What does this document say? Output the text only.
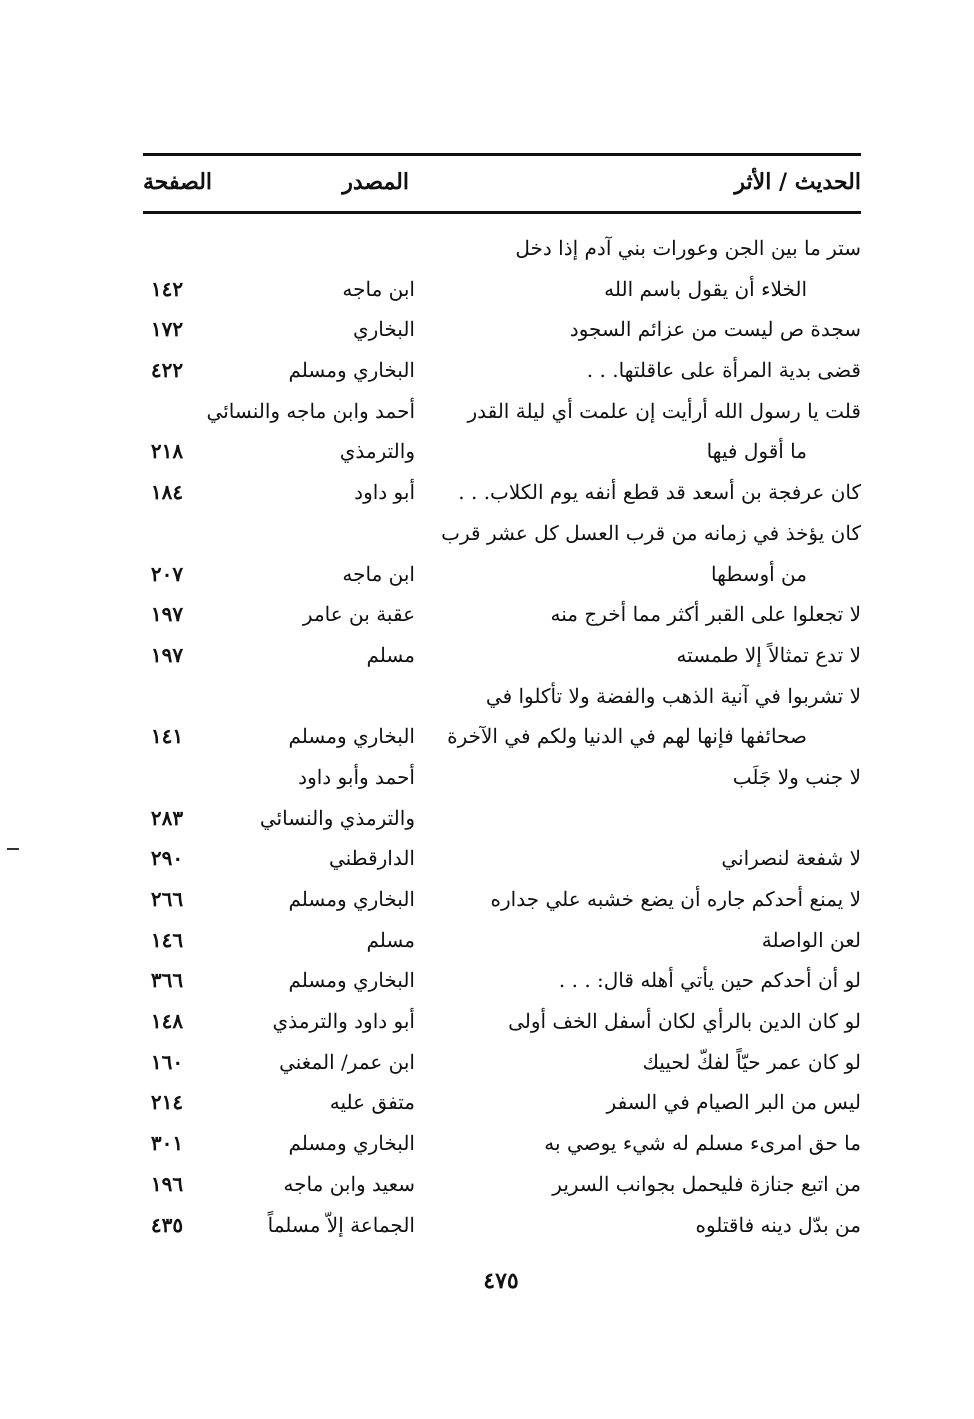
الحديث / الأثر
المصدر
الصفحة
ستر ما بين الجن وعورات بني آدم إذا دخل
الخلاء أن يقول باسم الله
ابن ماجه
١٤٢
سجدة ص ليست من عزائم السجود
البخاري
١٧٢
قضى بدية المرأة على عاقلتها. . .
البخاري ومسلم
٤٢٢
قلت يا رسول الله أرأيت إن علمت أي ليلة القدر
أحمد وابن ماجه والنسائي
ما أقول فيها
والترمذي
٢١٨
كان عرفجة بن أسعد قد قطع أنفه يوم الكلاب. . .
أبو داود
١٨٤
كان يؤخذ في زمانه من قرب العسل كل عشر قرب
من أوسطها
ابن ماجه
٢٠٧
لا تجعلوا على القبر أكثر مما أخرج منه
عقبة بن عامر
١٩٧
لا تدع تمثالاً إلا طمسته
مسلم
١٩٧
لا تشربوا في آنية الذهب والفضة ولا تأكلوا في
صحائفها فإنها لهم في الدنيا ولكم في الآخرة
البخاري ومسلم
١٤١
لا جنب ولا جَلَب
أحمد وأبو داود
والترمذي والنسائي
٢٨٣
لا شفعة لنصراني
الدارقطني
٢٩٠
لا يمنع أحدكم جاره أن يضع خشبه علي جداره
البخاري ومسلم
٢٦٦
لعن الواصلة
مسلم
١٤٦
لو أن أحدكم حين يأتي أهله قال: . . .
البخاري ومسلم
٣٦٦
لو كان الدين بالرأي لكان أسفل الخف أولى
أبو داود والترمذي
١٤٨
لو كان عمر حيّاً لفكّ لحييك
ابن عمر/ المغني
١٦٠
ليس من البر الصيام في السفر
متفق عليه
٢١٤
ما حق امرىء مسلم له شيء يوصي به
البخاري ومسلم
٣٠١
من اتبع جنازة فليحمل بجوانب السرير
سعيد وابن ماجه
١٩٦
من بدّل دينه فاقتلوه
الجماعة إلاّ مسلماً
٤٣٥
٤٧٥
